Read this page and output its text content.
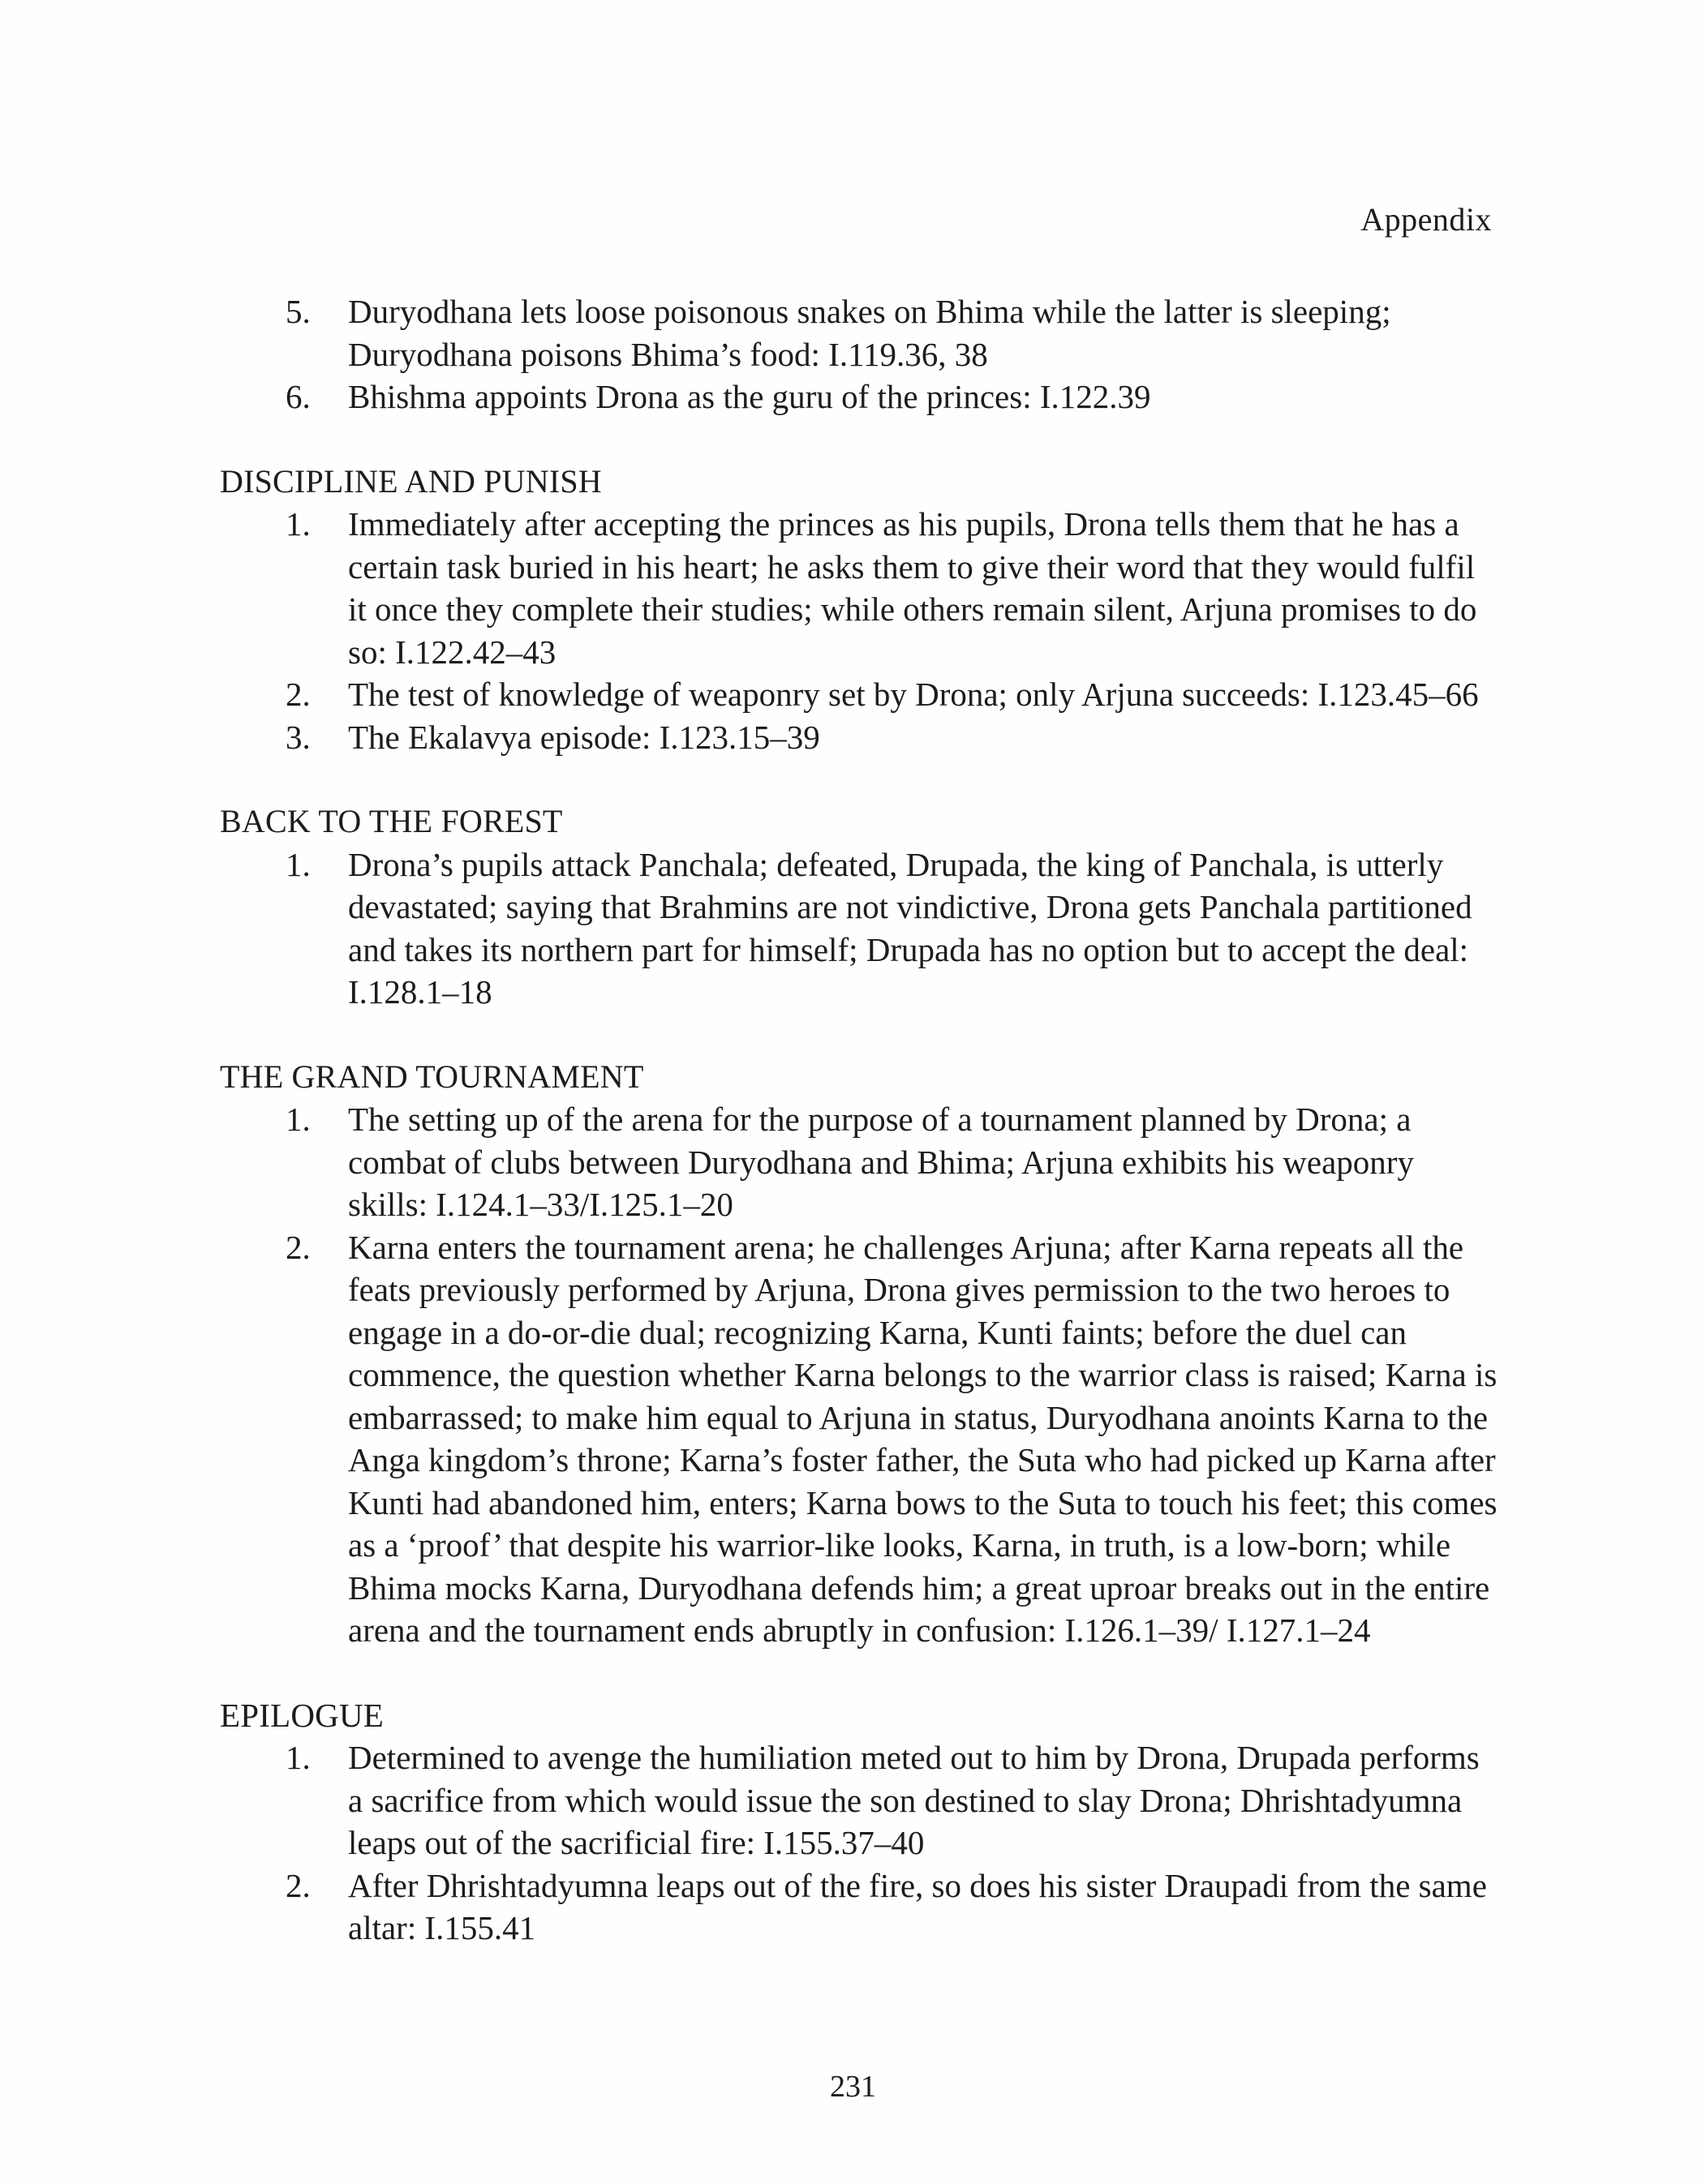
Appendix
5.	Duryodhana lets loose poisonous snakes on Bhima while the latter is sleeping; Duryodhana poisons Bhima’s food: I.119.36, 38
6.	Bhishma appoints Drona as the guru of the princes: I.122.39
DISCIPLINE AND PUNISH
1.	Immediately after accepting the princes as his pupils, Drona tells them that he has a certain task buried in his heart; he asks them to give their word that they would fulfil it once they complete their studies; while others remain silent, Arjuna promises to do so: I.122.42–43
2.	The test of knowledge of weaponry set by Drona; only Arjuna succeeds: I.123.45–66
3.	The Ekalavya episode: I.123.15–39
BACK TO THE FOREST
1.	Drona’s pupils attack Panchala; defeated, Drupada, the king of Panchala, is utterly devastated; saying that Brahmins are not vindictive, Drona gets Panchala partitioned and takes its northern part for himself; Drupada has no option but to accept the deal: I.128.1–18
THE GRAND TOURNAMENT
1.	The setting up of the arena for the purpose of a tournament planned by Drona; a combat of clubs between Duryodhana and Bhima; Arjuna exhibits his weaponry skills: I.124.1–33/I.125.1–20
2.	Karna enters the tournament arena; he challenges Arjuna; after Karna repeats all the feats previously performed by Arjuna, Drona gives permission to the two heroes to engage in a do-or-die dual; recognizing Karna, Kunti faints; before the duel can commence, the question whether Karna belongs to the warrior class is raised; Karna is embarrassed; to make him equal to Arjuna in status, Duryodhana anoints Karna to the Anga kingdom’s throne; Karna’s foster father, the Suta who had picked up Karna after Kunti had abandoned him, enters; Karna bows to the Suta to touch his feet; this comes as a ‘proof’ that despite his warrior-like looks, Karna, in truth, is a low-born; while Bhima mocks Karna, Duryodhana defends him; a great uproar breaks out in the entire arena and the tournament ends abruptly in confusion: I.126.1–39/ I.127.1–24
EPILOGUE
1.	Determined to avenge the humiliation meted out to him by Drona, Drupada performs a sacrifice from which would issue the son destined to slay Drona; Dhrishtadyumna leaps out of the sacrificial fire: I.155.37–40
2.	After Dhrishtadyumna leaps out of the fire, so does his sister Draupadi from the same altar: I.155.41
231
